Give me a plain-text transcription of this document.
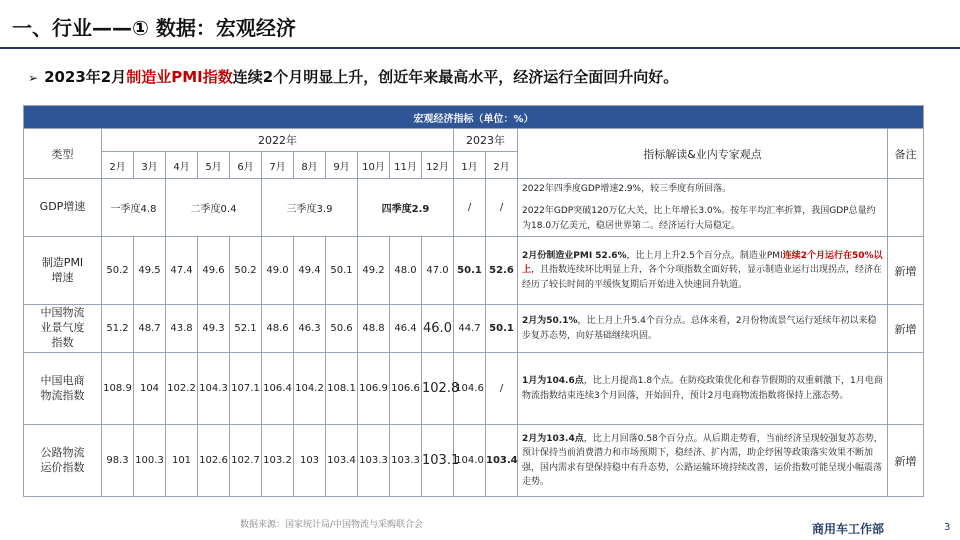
一、行业——① 数据：宏观经济
➢ 2023年2月制造业PMI指数连续2个月明显上升，创近年来最高水平，经济运行全面回升向好。
宏观经济指标（单位：%）															
类型	2022年											2023年		指标解读&业内专家观点	备注
	2月	3月	4月	5月	6月	7月	8月	9月	10月	11月	12月	1月	2月		
GDP增速	一季度4.8		二季度0.4			三季度3.9			四季度2.9			/	/	2022年四季度GDP增速2.9%，较三季度有所回落。

2022年GDP突破120万亿大关，比上年增长3.0%。按年平均汇率折算，我国GDP总量约为18.0万亿美元，稳居世界第二。经济运行大局稳定。	

制造PMI
增速	50.2	49.5	47.4	49.6	50.2	49.0	49.4	50.1	49.2	48.0	47.0	50.1	52.6	2月份制造业PMI 52.6%，比上月上升2.5个百分点。制造业PMI连续2个月运行在50%以上，且指数连续环比明显上升，各个分项指数全面好转，显示制造业运行出现拐点，经济在经历了较长时间的平缓恢复期后开始进入快速回升轨道。	新增
中国物流
业景气度
指数	51.2	48.7	43.8	49.3	52.1	48.6	46.3	50.6	48.8	46.4	46.0	44.7	50.1	2月为50.1%，比上月上升5.4个百分点。总体来看，2月份物流景气运行延续年初以来稳步复苏态势，向好基础继续巩固。	新增
中国电商
物流指数	108.9	104	102.2	104.3	107.1	106.4	104.2	108.1	106.9	106.6	102.8	104.6	/	1月为104.6点，比上月提高1.8个点。在防疫政策优化和春节假期的双重刺激下，1月电商物流指数结束连续3个月回落，开始回升，预计2月电商物流指数将保持上涨态势。	
公路物流
运价指数	98.3	100.3	101	102.6	102.7	103.2	103	103.4	103.3	103.3	103.1	104.0	103.4	2月为103.4点，比上月回落0.58个百分点。从后期走势看，当前经济呈现较强复苏态势，预计保持当前消费潜力和市场预期下，稳经济、扩内需，助企纾困等政策落实效果不断加强，国内需求有望保持稳中有升态势，公路运输环境持续改善，运价指数可能呈现小幅震荡走势。	新增
数据来源：国家统计局/中国物流与采购联合会	商用车工作部	3
